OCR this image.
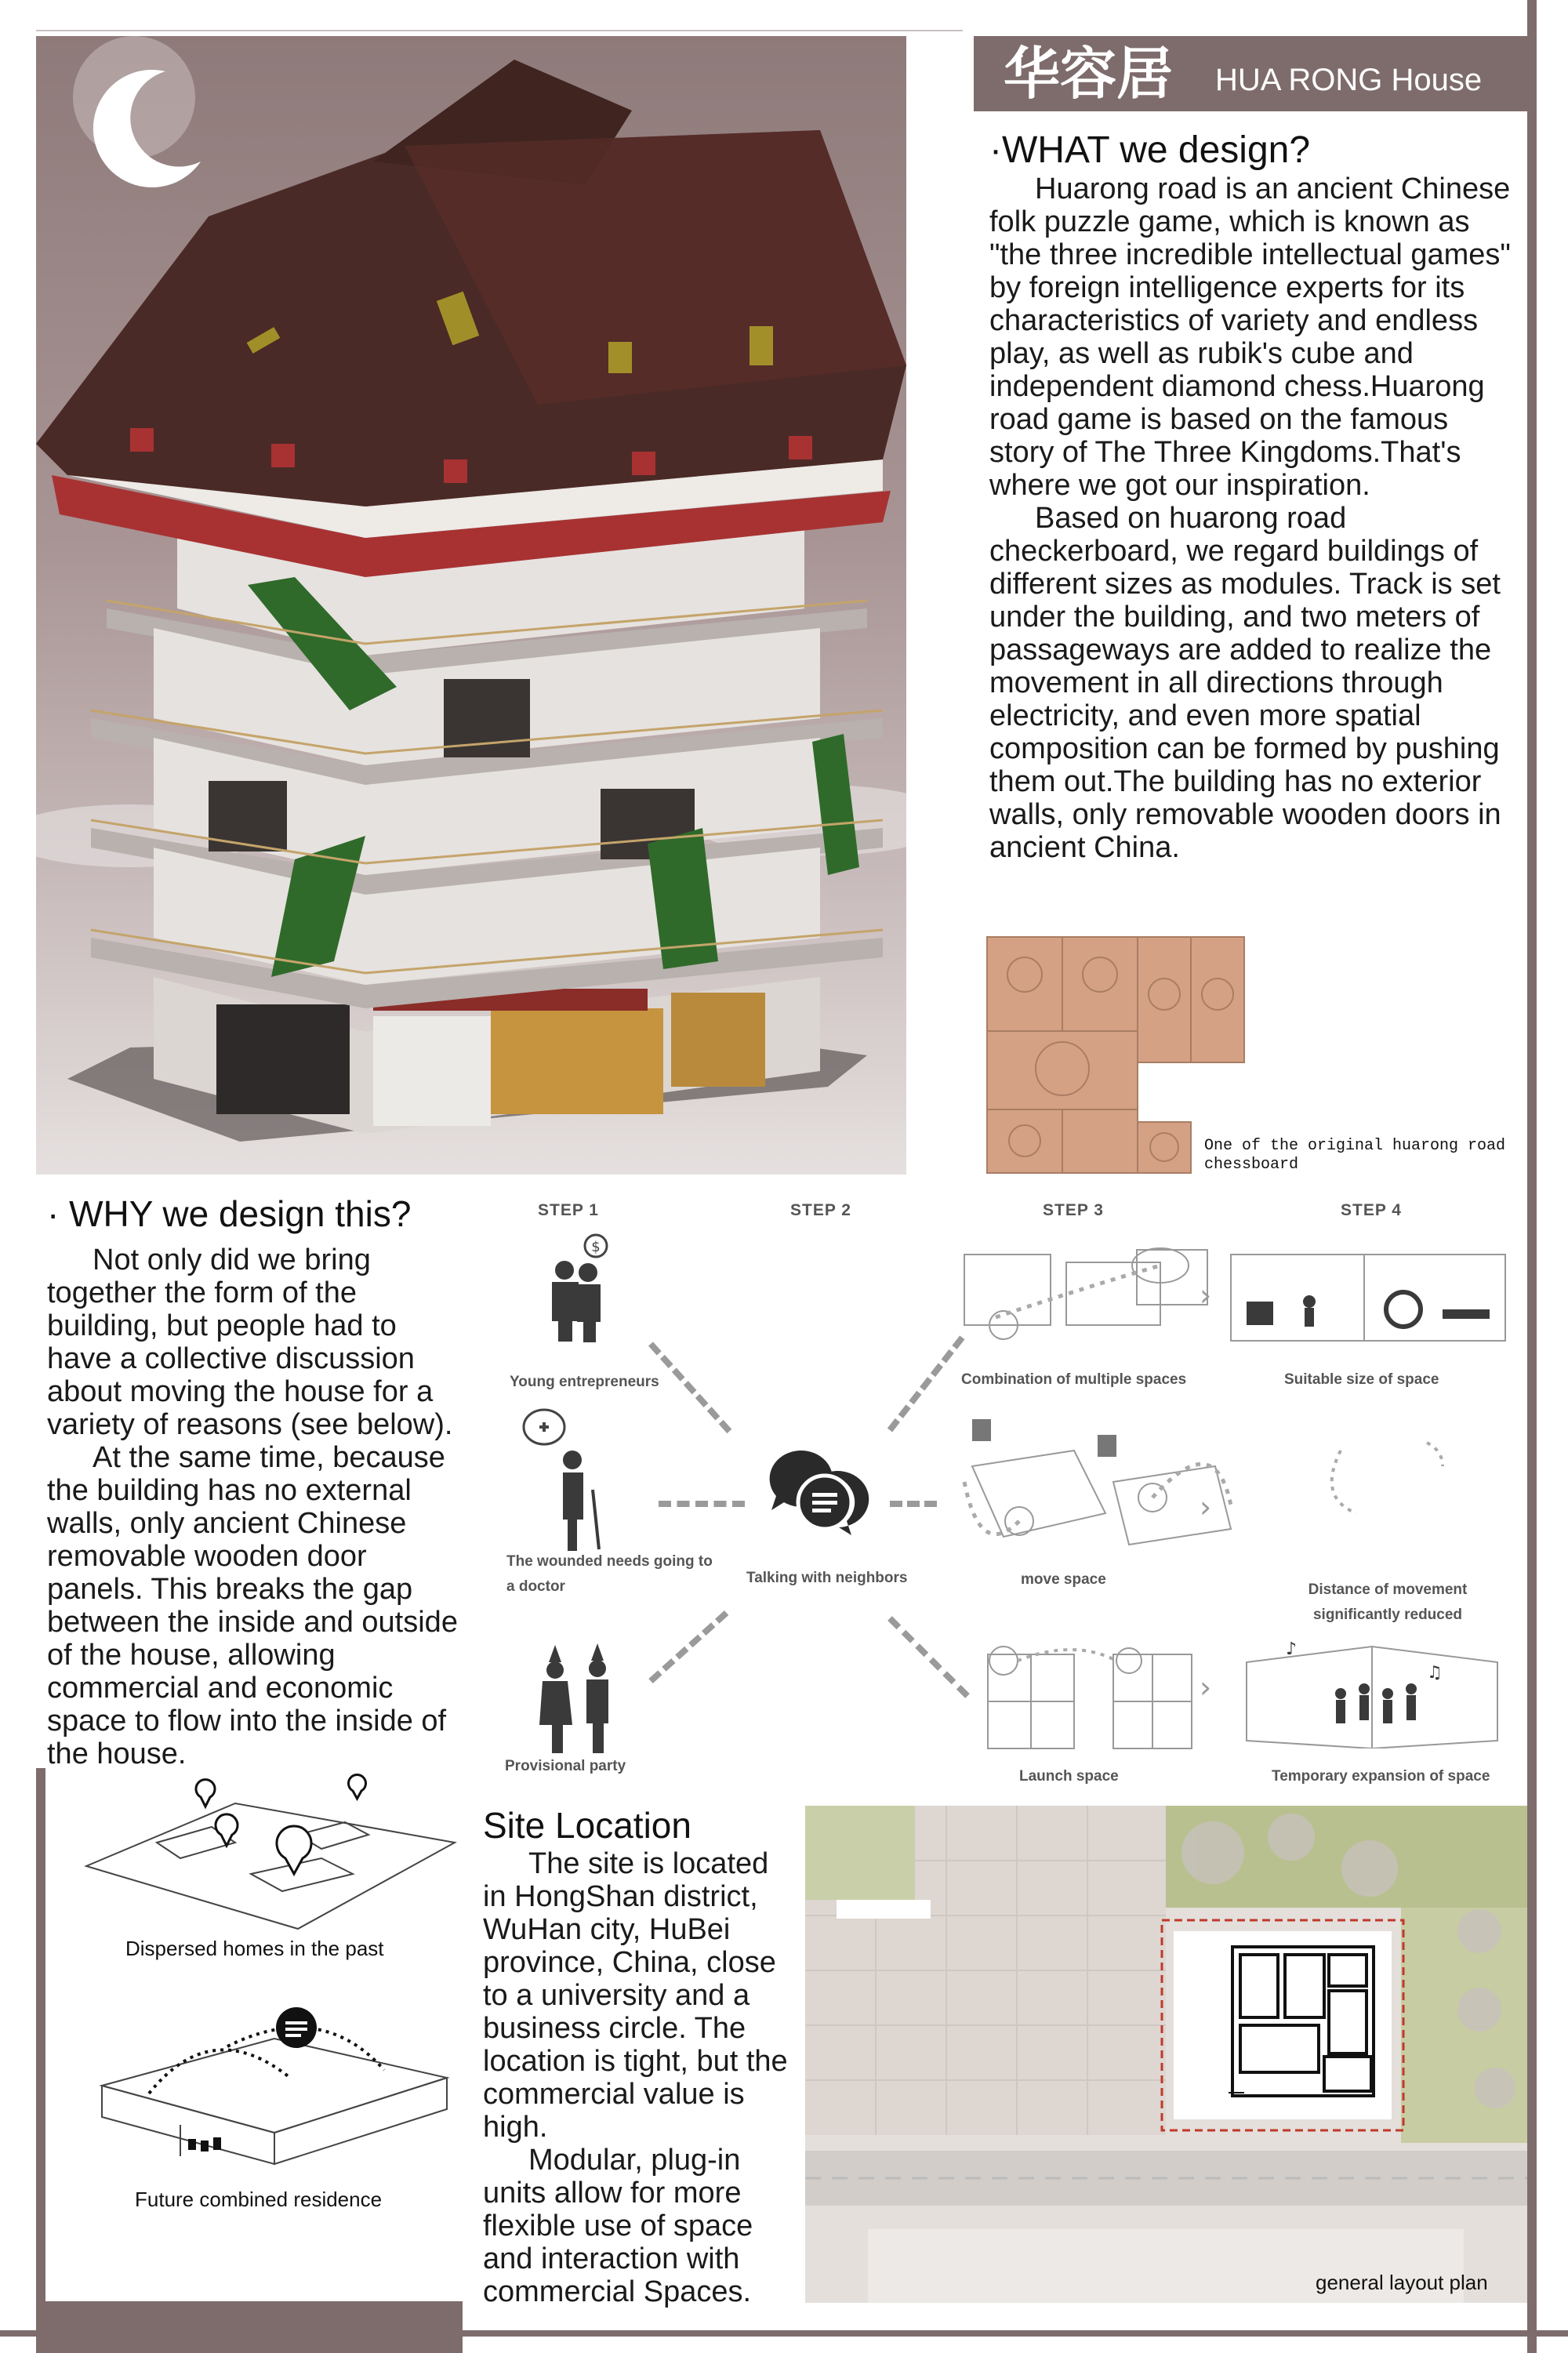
华容居 HUA RONG House
·WHAT we design?

Huarong road is an ancient Chinese folk puzzle game, which is known as "the three incredible intellectual games" by foreign intelligence experts for its characteristics of variety and endless play, as well as rubik's cube and independent diamond chess.Huarong road game is based on the famous story of The Three Kingdoms.That's where we got our inspiration.

Based on huarong road checkerboard, we regard buildings of different sizes as modules. Track is set under the building, and two meters of passageways are added to realize the movement in all directions through electricity, and even more spatial composition can be formed by pushing them out.The building has no exterior walls, only removable wooden doors in ancient China.

One of the original huarong road chessboard
· WHY we design this?

Not only did we bring together the form of the building, but people had to have a collective discussion about moving the house for a variety of reasons (see below).

At the same time, because the building has no external walls, only ancient Chinese removable wooden door panels. This breaks the gap between the inside and outside of the house, allowing commercial and economic space to flow into the inside of the house.

STEP 1	STEP 2	STEP 3	STEP 4
$
Young entrepreneurs
The wounded needs going to a doctor
Provisional party
Talking with neighbors
Combination of multiple spaces
move space
Launch space
›
›
›
Suitable size of space
Distance of movement significantly reduced
♪
♫
Temporary expansion of space
Dispersed homes in the past
Future combined residence
Site Location

The site is located in HongShan district, WuHan city, HuBei province, China, close to a university and a business circle. The location is tight, but the commercial value is high.

Modular, plug-in units allow for more flexible use of space and interaction with commercial Spaces.	general layout plan
